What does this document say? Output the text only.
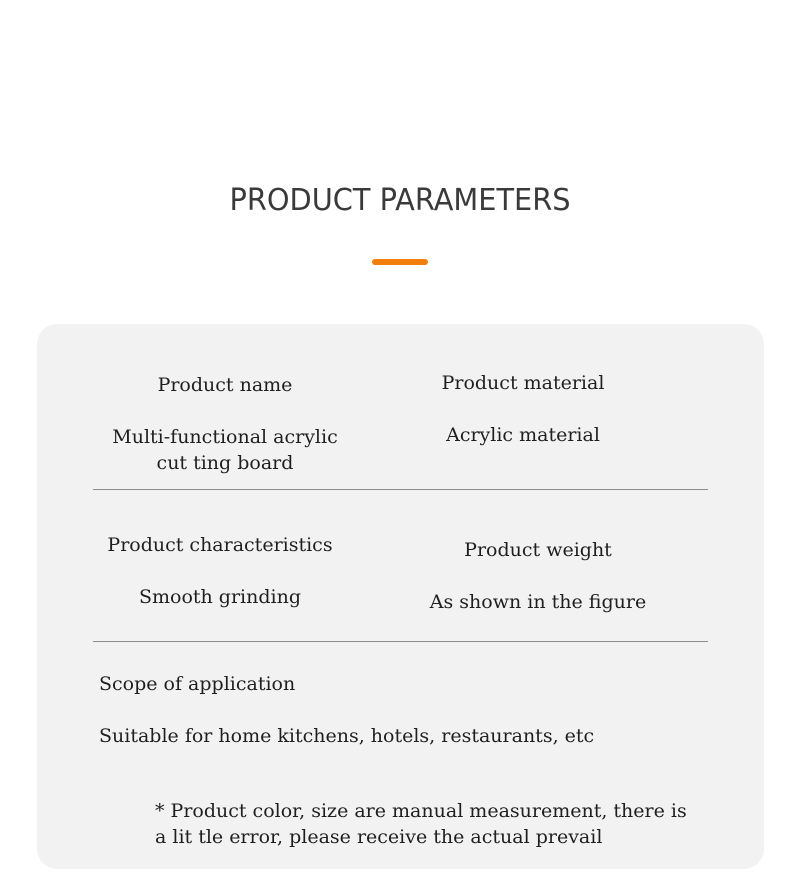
PRODUCT PARAMETERS
Product name
Multi-functional acrylic cut ting board
Product material
Acrylic material
Product characteristics
Smooth grinding
Product weight
As shown in the figure
Scope of application
Suitable for home kitchens, hotels, restaurants, etc
* Product color, size are manual measurement, there is a lit tle error, please receive the actual prevail
